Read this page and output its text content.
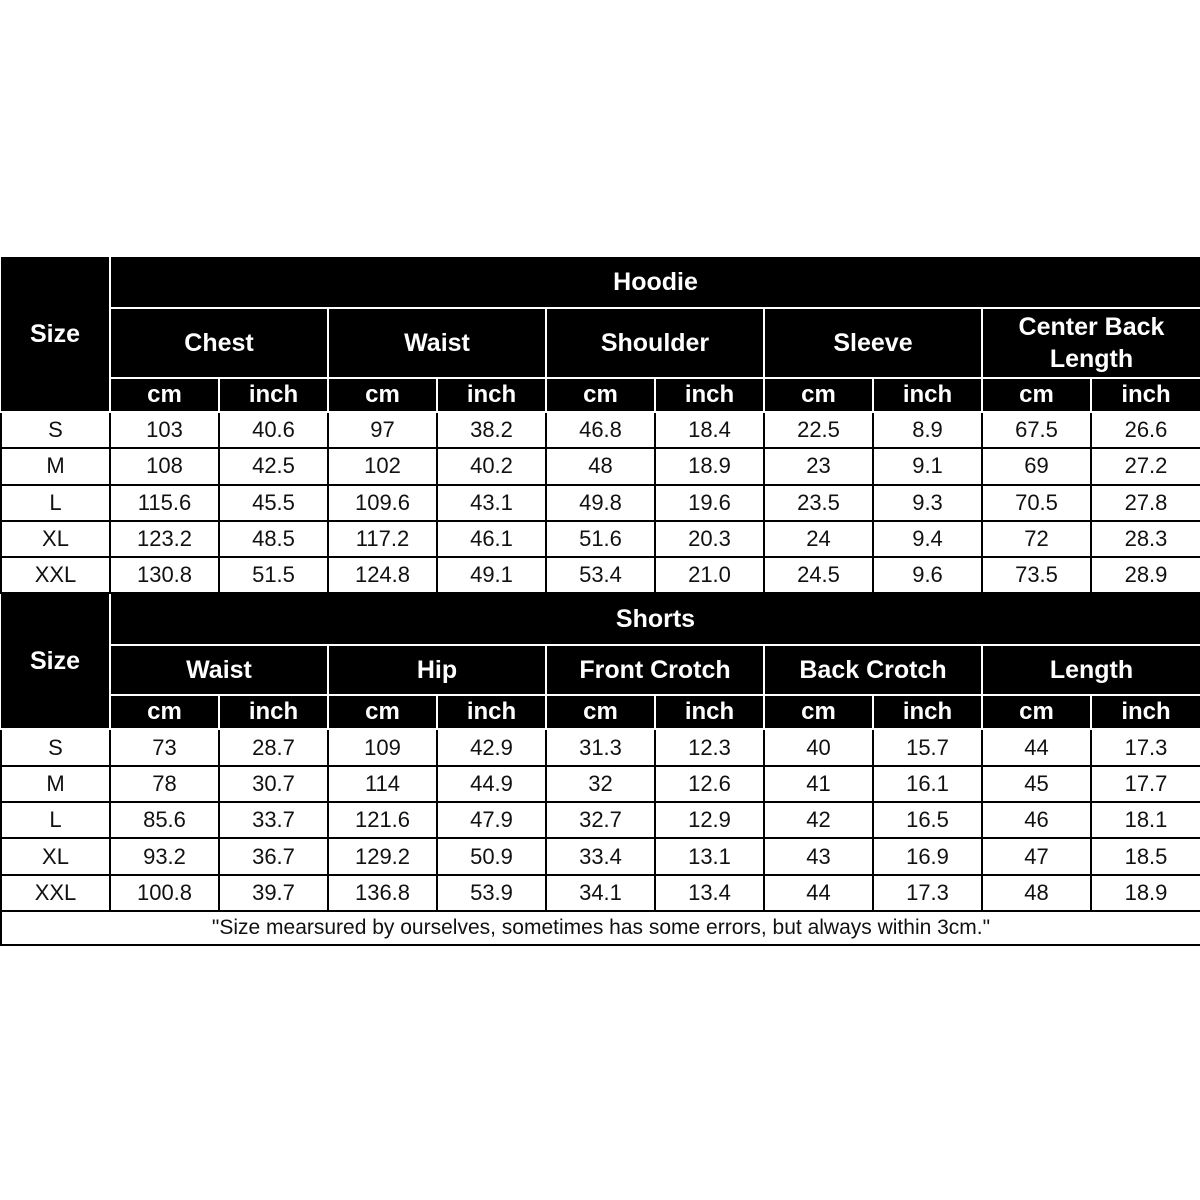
Size	Hoodie									
	Chest		Waist		Shoulder		Sleeve		Center Back Length	
	cm	inch	cm	inch	cm	inch	cm	inch	cm	inch
S	103	40.6	97	38.2	46.8	18.4	22.5	8.9	67.5	26.6
M	108	42.5	102	40.2	48	18.9	23	9.1	69	27.2
L	115.6	45.5	109.6	43.1	49.8	19.6	23.5	9.3	70.5	27.8
XL	123.2	48.5	117.2	46.1	51.6	20.3	24	9.4	72	28.3
XXL	130.8	51.5	124.8	49.1	53.4	21.0	24.5	9.6	73.5	28.9
Size	Shorts									
	Waist		Hip		Front Crotch		Back Crotch		Length	
	cm	inch	cm	inch	cm	inch	cm	inch	cm	inch
S	73	28.7	109	42.9	31.3	12.3	40	15.7	44	17.3
M	78	30.7	114	44.9	32	12.6	41	16.1	45	17.7
L	85.6	33.7	121.6	47.9	32.7	12.9	42	16.5	46	18.1
XL	93.2	36.7	129.2	50.9	33.4	13.1	43	16.9	47	18.5
XXL	100.8	39.7	136.8	53.9	34.1	13.4	44	17.3	48	18.9
"Size mearsured by ourselves, sometimes has some errors, but always within 3cm."										
